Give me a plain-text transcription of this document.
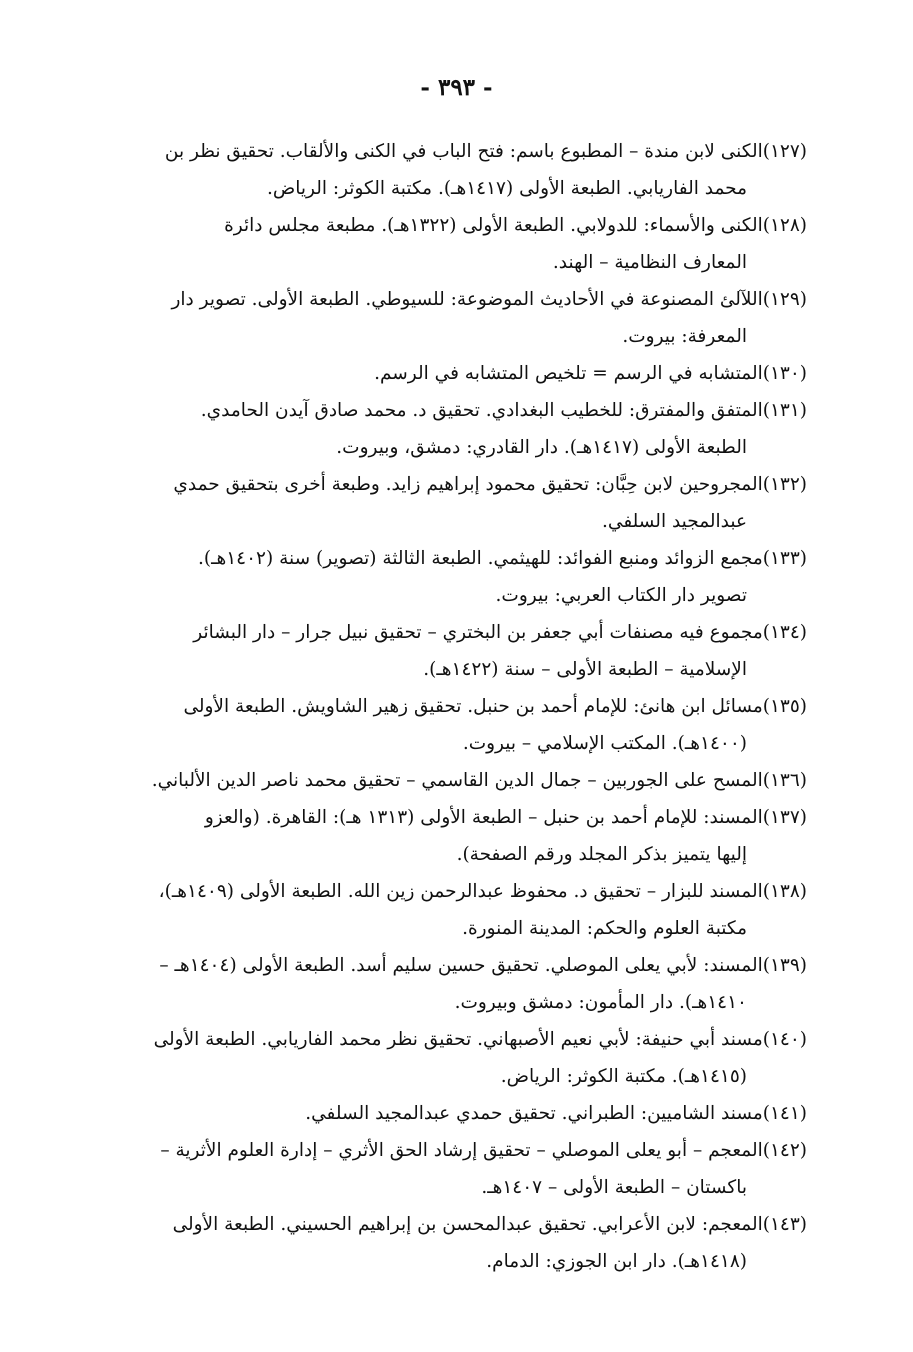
- ٣٩٣ -
(١٢٧)الكنى لابن مندة – المطبوع باسم: فتح الباب في الكنى والألقاب. تحقيق نظر بن
محمد الفاريابي. الطبعة الأولى (١٤١٧هـ). مكتبة الكوثر: الرياض.
(١٢٨)الكنى والأسماء: للدولابي. الطبعة الأولى (١٣٢٢هـ). مطبعة مجلس دائرة
المعارف النظامية – الهند.
(١٢٩)اللآلئ المصنوعة في الأحاديث الموضوعة: للسيوطي. الطبعة الأولى. تصوير دار
المعرفة: بيروت.
(١٣٠)المتشابه في الرسم = تلخيص المتشابه في الرسم.
(١٣١)المتفق والمفترق: للخطيب البغدادي. تحقيق د. محمد صادق آيدن الحامدي.
الطبعة الأولى (١٤١٧هـ). دار القادري: دمشق، وبيروت.
(١٣٢)المجروحين لابن حِبَّان: تحقيق محمود إبراهيم زايد. وطبعة أخرى بتحقيق حمدي
عبدالمجيد السلفي.
(١٣٣)مجمع الزوائد ومنبع الفوائد: للهيثمي. الطبعة الثالثة (تصوير) سنة (١٤٠٢هـ).
تصوير دار الكتاب العربي: بيروت.
(١٣٤)مجموع فيه مصنفات أبي جعفر بن البختري – تحقيق نبيل جرار – دار البشائر
الإسلامية – الطبعة الأولى – سنة (١٤٢٢هـ).
(١٣٥)مسائل ابن هانئ: للإمام أحمد بن حنبل. تحقيق زهير الشاويش. الطبعة الأولى
(١٤٠٠هـ). المكتب الإسلامي – بيروت.
(١٣٦)المسح على الجوربين – جمال الدين القاسمي – تحقيق محمد ناصر الدين الألباني.
(١٣٧)المسند: للإمام أحمد بن حنبل – الطبعة الأولى (١٣١٣ هـ): القاهرة. (والعزو
إليها يتميز بذكر المجلد ورقم الصفحة).
(١٣٨)المسند للبزار – تحقيق د. محفوظ عبدالرحمن زين الله. الطبعة الأولى (١٤٠٩هـ)،
مكتبة العلوم والحكم: المدينة المنورة.
(١٣٩)المسند: لأبي يعلى الموصلي. تحقيق حسين سليم أسد. الطبعة الأولى (١٤٠٤هـ –
١٤١٠هـ). دار المأمون: دمشق وبيروت.
(١٤٠)مسند أبي حنيفة: لأبي نعيم الأصبهاني. تحقيق نظر محمد الفاريابي. الطبعة الأولى
(١٤١٥هـ). مكتبة الكوثر: الرياض.
(١٤١)مسند الشاميين: الطبراني. تحقيق حمدي عبدالمجيد السلفي.
(١٤٢)المعجم – أبو يعلى الموصلي – تحقيق إرشاد الحق الأثري – إدارة العلوم الأثرية –
باكستان – الطبعة الأولى – ١٤٠٧هـ.
(١٤٣)المعجم: لابن الأعرابي. تحقيق عبدالمحسن بن إبراهيم الحسيني. الطبعة الأولى
(١٤١٨هـ). دار ابن الجوزي: الدمام.
